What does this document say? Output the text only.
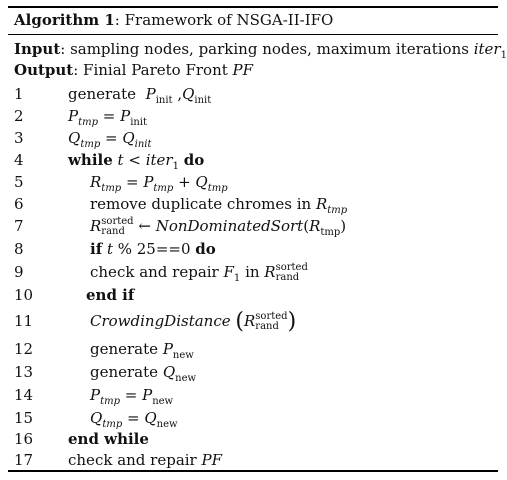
Algorithm 1: Framework of NSGA-II-IFO
Input: sampling nodes, parking nodes, maximum iterations iter$_1$
Output: Finial Pareto Front PF
1	generate $P_{init}$ $,Q_{init}$
2	$P_{tmp} = P_{init}$
3	$Q_{tmp} = Q_{init}$
4	while t < iter$_1$ do
5	$R_{tmp} = P_{tmp} + Q_{tmp}$
6	remove duplicate chromes in $R_{tmp}$
7	R sorted
rand ← $NonDominatedSort(R_{tmp})$
8	if t % 25==0 do
9	check and repair $F_1$ in R sorted
rand
10	end if
11	CrowdingDistance (R sorted
rand )
12	generate $P_{new}$
13	generate $Q_{new}$
14	$P_{tmp} = P_{new}$
15	$Q_{tmp} = Q_{new}$
16	end while
17	check and repair PF
